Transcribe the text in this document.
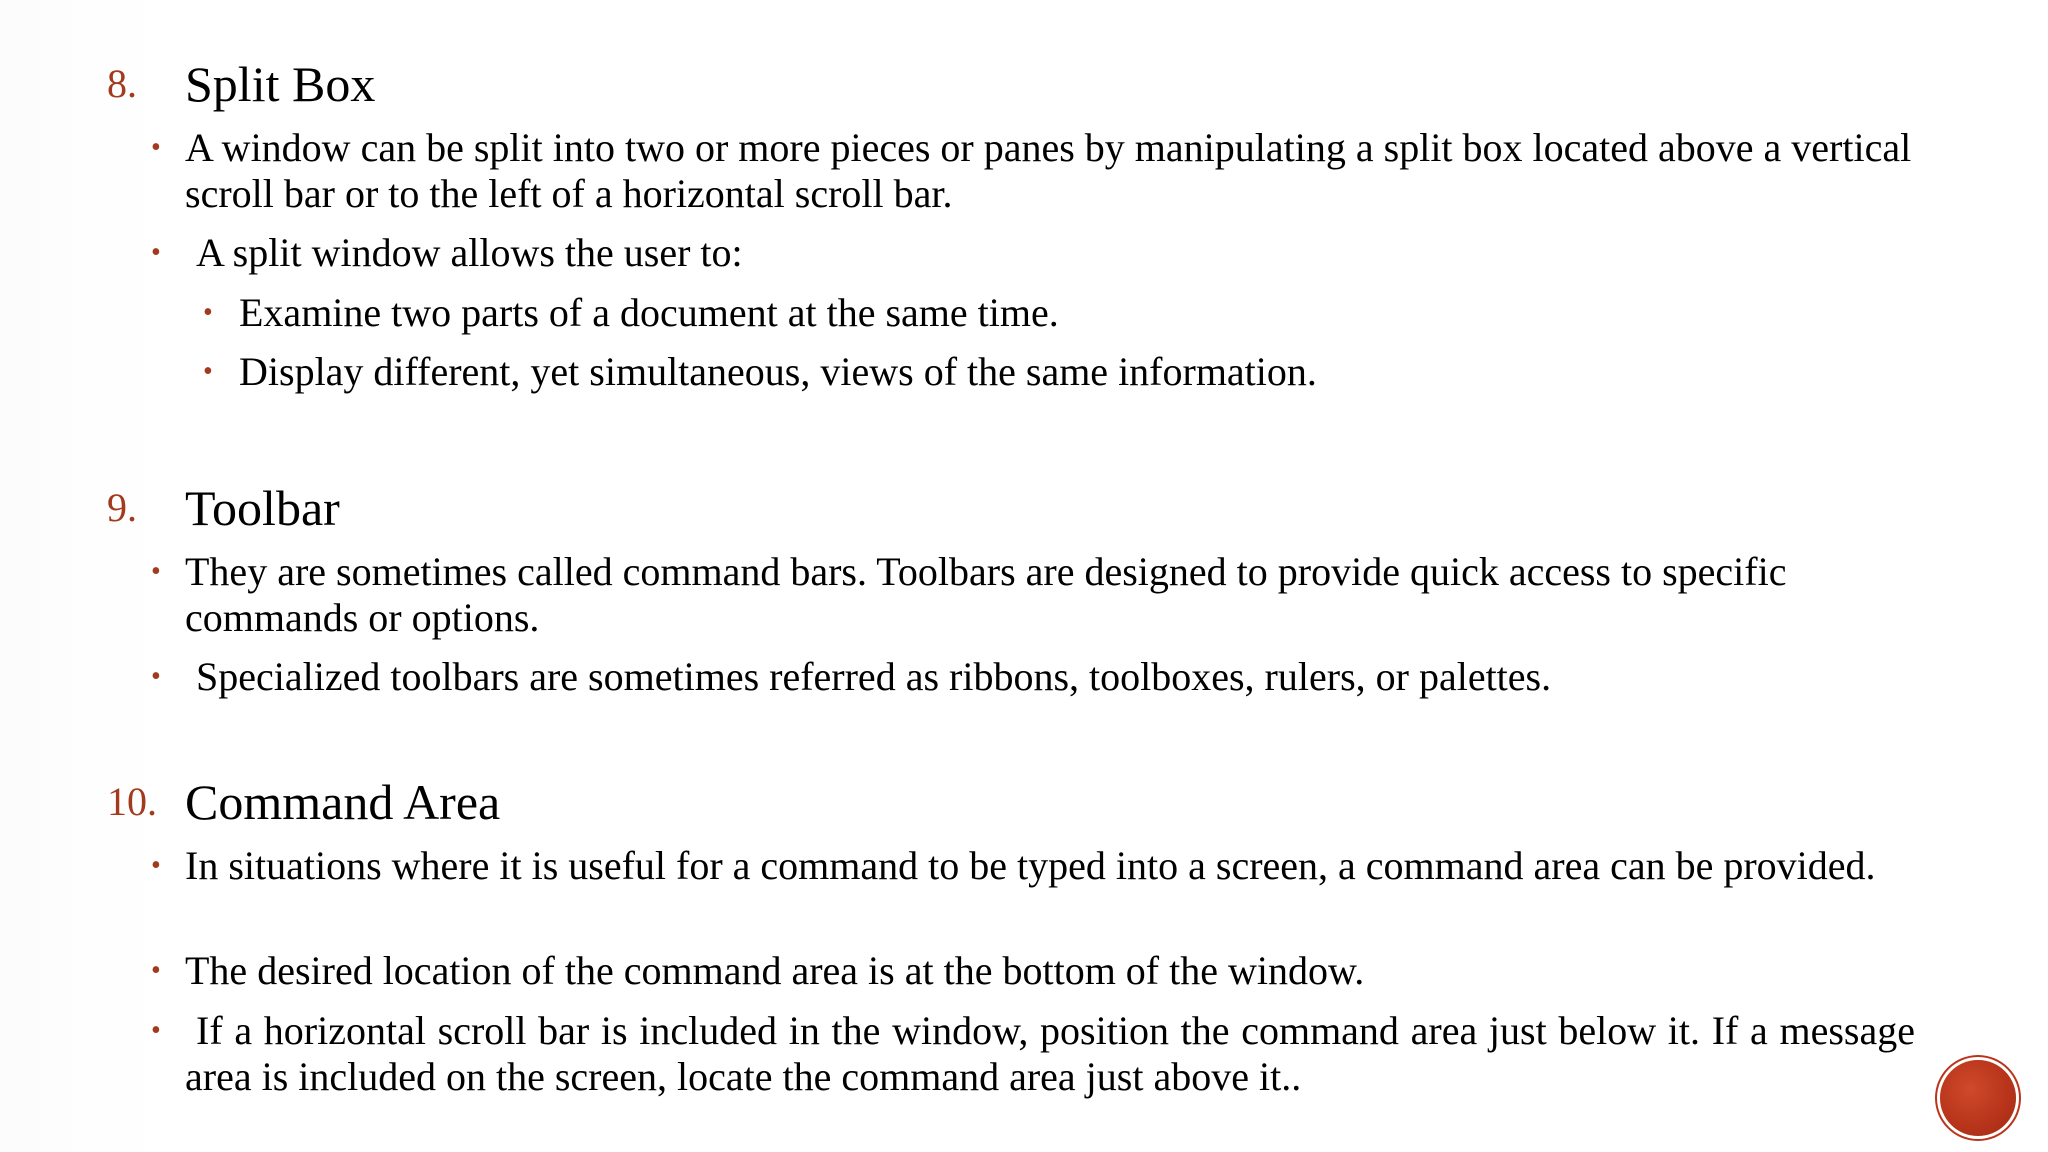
8. Split Box
• A window can be split into two or more pieces or panes by manipulating a split box located above a vertical scroll bar or to the left of a horizontal scroll bar.
• A split window allows the user to:
• Examine two parts of a document at the same time.
• Display different, yet simultaneous, views of the same information.
9. Toolbar
• They are sometimes called command bars. Toolbars are designed to provide quick access to specific commands or options.
• Specialized toolbars are sometimes referred as ribbons, toolboxes, rulers, or palettes.
10. Command Area
• In situations where it is useful for a command to be typed into a screen, a command area can be provided.
• The desired location of the command area is at the bottom of the window.
• If a horizontal scroll bar is included in the window, position the command area just below it. If a message area is included on the screen, locate the command area just above it..
